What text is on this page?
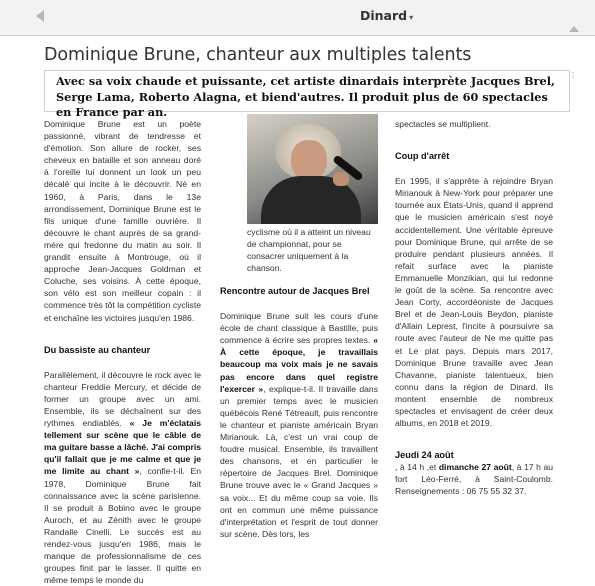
Dinard ▾
Dominique Brune, chanteur aux multiples talents

Avec sa voix chaude et puissante, cet artiste dinardais interprète Jacques Brel, Serge Lama, Roberto Alagna, et biend'autres. Il produit plus de 60 spectacles en France par an.

⋮

Dominique Brune est un poète passionné, vibrant de tendresse et d'émotion. Son allure de rocker, ses cheveux en bataille et son anneau doré à l'oreille lui donnent un look un peu décalé qui incite à le découvrir. Né en 1960, à Paris, dans le 13e arrondissement, Dominique Brune est le fils unique d'une famille ouvrière. Il découvre le chant auprès de sa grand-mère qui fredonne du matin au soir. Il grandit ensuite à Montrouge, où il approche Jean-Jacques Goldman et Coluche, ses voisins. À cette époque, son vélo est son meilleur copain : il commence très tôt la compétition cycliste et enchaîne les victoires jusqu'en 1986.

Du bassiste au chanteur

Parallèlement, il découvre le rock avec le chanteur Freddie Mercury, et décide de former un groupe avec un ami. Ensemble, ils se déchaînent sur des rythmes endiablés. « Je m'éclatais tellement sur scène que le câble de ma guitare basse a lâché. J'ai compris qu'il fallait que je me calme et que je me limite au chant », confie-t-il. En 1978, Dominique Brune fait connaissance avec la scène parisienne. Il se produit à Bobino avec le groupe Auroch, et au Zénith avec le groupe Randalle Cinelli. Le succès est au rendez-vous jusqu'en 1986, mais le manque de professionnalisme de ces groupes finit par le lasser. Il quitte en même temps le monde du

cyclisme où il a atteint un niveau de championnat, pour se consacrer uniquement à la chanson.
Rencontre autour de Jacques Brel

Dominique Brune suit les cours d'une école de chant classique à Bastille, puis commence à écrire ses propres textes. « À cette époque, je travaillais beaucoup ma voix mais je ne savais pas encore dans quel registre l'exercer », explique-t-il. Il travaille dans un premier temps avec le musicien québécois René Tétreault, puis rencontre le chanteur et pianiste américain Bryan Mirianouk. Là, c'est un vrai coup de foudre musical. Ensemble, ils travaillent des chansons, et en particulier le répertoire de Jacques Brel. Dominique Brune trouve avec le « Grand Jacques » sa voix... Et du même coup sa voie. Ils ont en commun une même puissance d'interprétation et l'esprit de tout donner sur scène. Dès lors, les

spectacles se multiplient.

Coup d'arrêt

En 1995, il s'apprête à rejoindre Bryan Mirianouk à New-York pour préparer une tournée aux États-Unis, quand il apprend que le musicien américain s'est noyé accidentellement. Une véritable épreuve pour Dominique Brune, qui arrête de se produire pendant plusieurs années. Il refait surface avec la pianiste Emmanuelle Monzikian, qui lui redonne le goût de la scène. Sa rencontre avec Jean Corty, accordéoniste de Jacques Brel et de Jean-Louis Beydon, pianiste d'Allain Leprest, l'incite à poursuivre sa route avec l'auteur de Ne me quitte pas et Le plat pays. Depuis mars 2017, Dominique Brune travaille avec Jean Chavanne, pianiste talentueux, bien connu dans la région de Dinard. Ils montent ensemble de nombreux spectacles et envisagent de créer deux albums, en 2018 et 2019.

Jeudi 24 août

, à 14 h ,et dimanche 27 août, à 17 h au fort Léo-Ferré, à Saint-Coulomb. Renseignements : 06 75 55 32 37.
